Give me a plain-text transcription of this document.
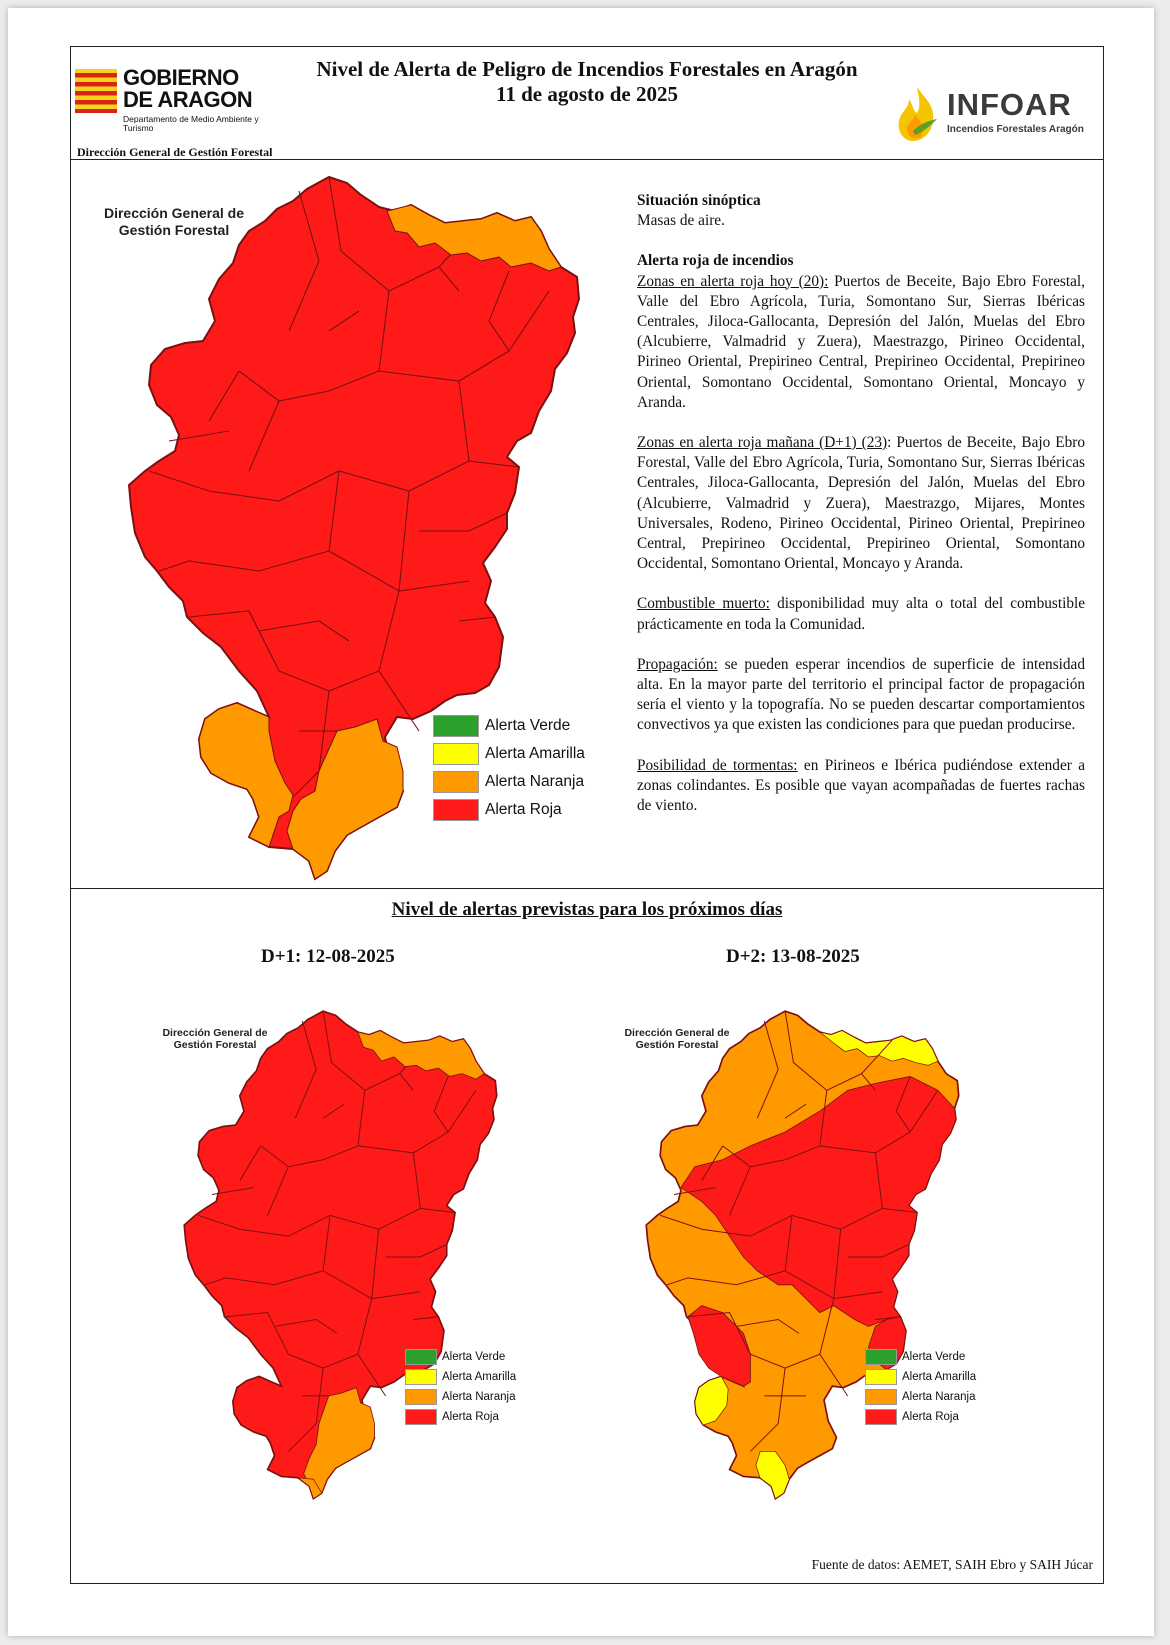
GOBIERNO
DE ARAGON
Departamento de Medio Ambiente y Turismo
Dirección General de Gestión Forestal
Nivel de Alerta de Peligro de Incendios Forestales en Aragón
11 de agosto de 2025	INFOAR
Incendios Forestales Aragón
Dirección General de
Gestión Forestal
Alerta Verde
Alerta Amarilla
Alerta Naranja
Alerta Roja

Situación sinóptica

Masas de aire.

Alerta roja de incendios

Zonas en alerta roja hoy (20): Puertos de Beceite, Bajo Ebro Forestal, Valle del Ebro Agrícola, Turia, Somontano Sur, Sierras Ibéricas Centrales, Jiloca-Gallocanta, Depresión del Jalón, Muelas del Ebro (Alcubierre, Valmadrid y Zuera), Maestrazgo, Pirineo Occidental, Pirineo Oriental, Prepirineo Central, Prepirineo Occidental, Prepirineo Oriental, Somontano Occidental, Somontano Oriental, Moncayo y Aranda.

Zonas en alerta roja mañana (D+1) (23): Puertos de Beceite, Bajo Ebro Forestal, Valle del Ebro Agrícola, Turia, Somontano Sur, Sierras Ibéricas Centrales, Jiloca-Gallocanta, Depresión del Jalón, Muelas del Ebro (Alcubierre, Valmadrid y Zuera), Maestrazgo, Mijares, Montes Universales, Rodeno, Pirineo Occidental, Pirineo Oriental, Prepirineo Central, Prepirineo Occidental, Prepirineo Oriental, Somontano Occidental, Somontano Oriental, Moncayo y Aranda.

Combustible muerto: disponibilidad muy alta o total del combustible prácticamente en toda la Comunidad.

Propagación: se pueden esperar incendios de superficie de intensidad alta. En la mayor parte del territorio el principal factor de propagación sería el viento y la topografía. No se pueden descartar comportamientos convectivos ya que existen las condiciones para que puedan producirse.

Posibilidad de tormentas: en Pirineos e Ibérica pudiéndose extender a zonas colindantes. Es posible que vayan acompañadas de fuertes rachas de viento.

Nivel de alertas previstas para los próximos días
D+1: 12-08-2025	D+2: 13-08-2025
Dirección General de
Gestión Forestal
Alerta Verde
Alerta Amarilla
Alerta Naranja
Alerta Roja
Dirección General de
Gestión Forestal
Alerta Verde
Alerta Amarilla
Alerta Naranja
Alerta Roja
Fuente de datos: AEMET, SAIH Ebro y SAIH Júcar
